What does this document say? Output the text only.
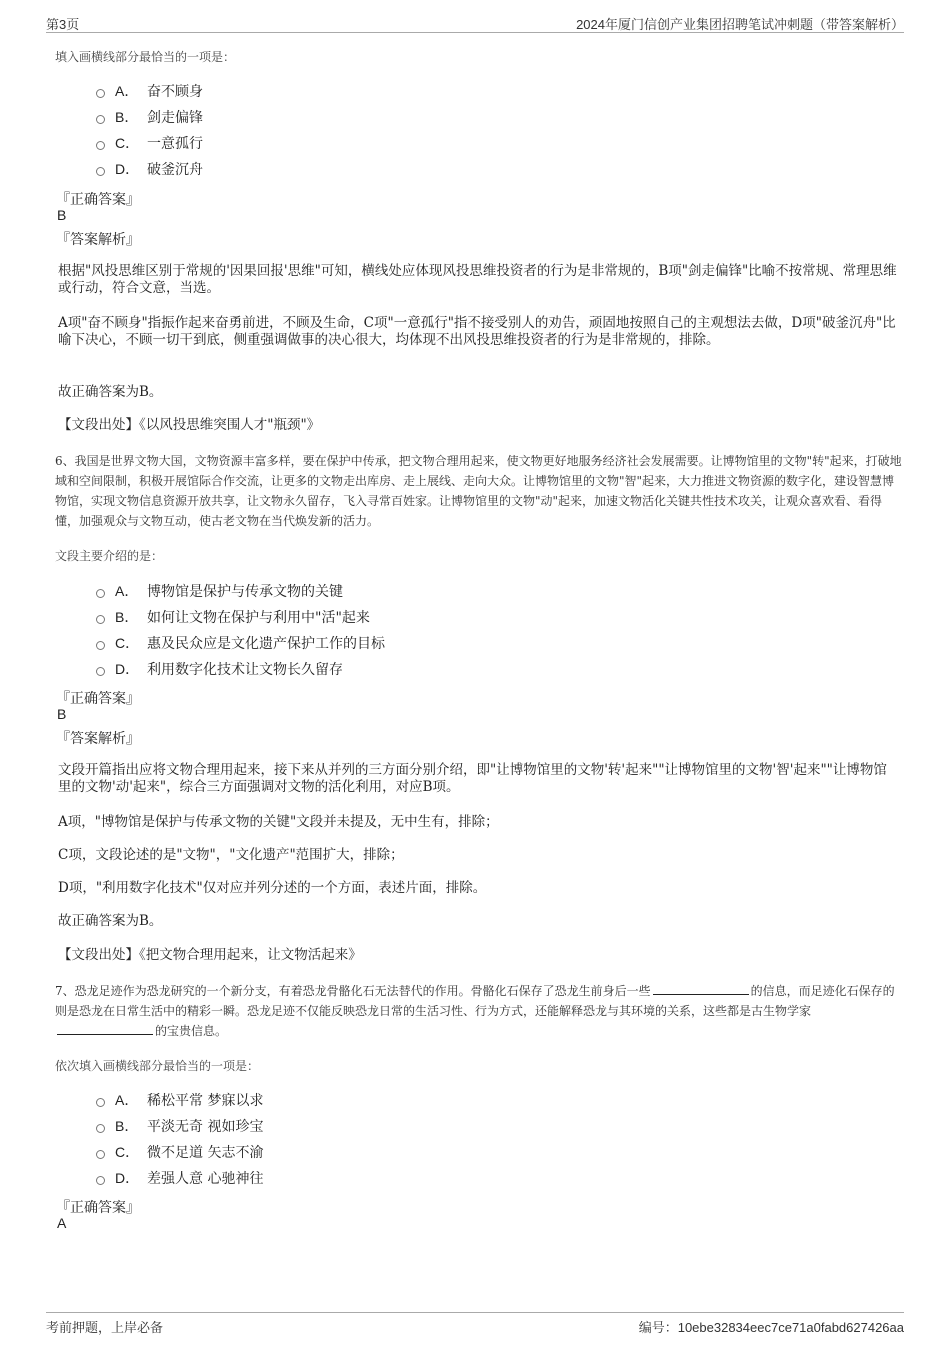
第3页	2024年厦门信创产业集团招聘笔试冲刺题（带答案解析）
填入画横线部分最恰当的一项是：
A． 奋不顾身
B． 剑走偏锋
C． 一意孤行
D． 破釜沉舟
『正确答案』
B
『答案解析』
根据"风投思维区别于常规的'因果回报'思维"可知，横线处应体现风投思维投资者的行为是非常规的，B项"剑走偏锋"比喻不按常规、常理思维或行动，符合文意，当选。
A项"奋不顾身"指振作起来奋勇前进，不顾及生命，C项"一意孤行"指不接受别人的劝告，顽固地按照自己的主观想法去做，D项"破釜沉舟"比喻下决心，不顾一切干到底，侧重强调做事的决心很大，均体现不出风投思维投资者的行为是非常规的，排除。
故正确答案为B。
【文段出处】《以风投思维突围人才"瓶颈"》
6、我国是世界文物大国，文物资源丰富多样，要在保护中传承，把文物合理用起来，使文物更好地服务经济社会发展需要。让博物馆里的文物"转"起来，打破地域和空间限制，积极开展馆际合作交流，让更多的文物走出库房、走上展线、走向大众。让博物馆里的文物"智"起来，大力推进文物资源的数字化，建设智慧博物馆，实现文物信息资源开放共享，让文物永久留存，飞入寻常百姓家。让博物馆里的文物"动"起来，加速文物活化关键共性技术攻关，让观众喜欢看、看得懂，加强观众与文物互动，使古老文物在当代焕发新的活力。
文段主要介绍的是：
A． 博物馆是保护与传承文物的关键
B． 如何让文物在保护与利用中"活"起来
C． 惠及民众应是文化遗产保护工作的目标
D． 利用数字化技术让文物长久留存
『正确答案』
B
『答案解析』
文段开篇指出应将文物合理用起来，接下来从并列的三方面分别介绍，即"让博物馆里的文物'转'起来""让博物馆里的文物'智'起来""让博物馆里的文物'动'起来"，综合三方面强调对文物的活化利用，对应B项。
A项，"博物馆是保护与传承文物的关键"文段并未提及，无中生有，排除；
C项，文段论述的是"文物"，"文化遗产"范围扩大，排除；
D项，"利用数字化技术"仅对应并列分述的一个方面，表述片面，排除。
故正确答案为B。
【文段出处】《把文物合理用起来，让文物活起来》
7、恐龙足迹作为恐龙研究的一个新分支，有着恐龙骨骼化石无法替代的作用。骨骼化石保存了恐龙生前身后一些	的信息，而足迹化石保存的则是恐龙在日常生活中的精彩一瞬。恐龙足迹不仅能反映恐龙日常的生活习性、行为方式，还能解释恐龙与其环境的关系，这些都是古生物学家的宝贵信息。
依次填入画横线部分最恰当的一项是：
A． 稀松平常 梦寐以求
B． 平淡无奇 视如珍宝
C． 微不足道 矢志不渝
D． 差强人意 心驰神往
『正确答案』
A
考前押题，上岸必备	编号：10ebe32834eec7ce71a0fabd627426aa
